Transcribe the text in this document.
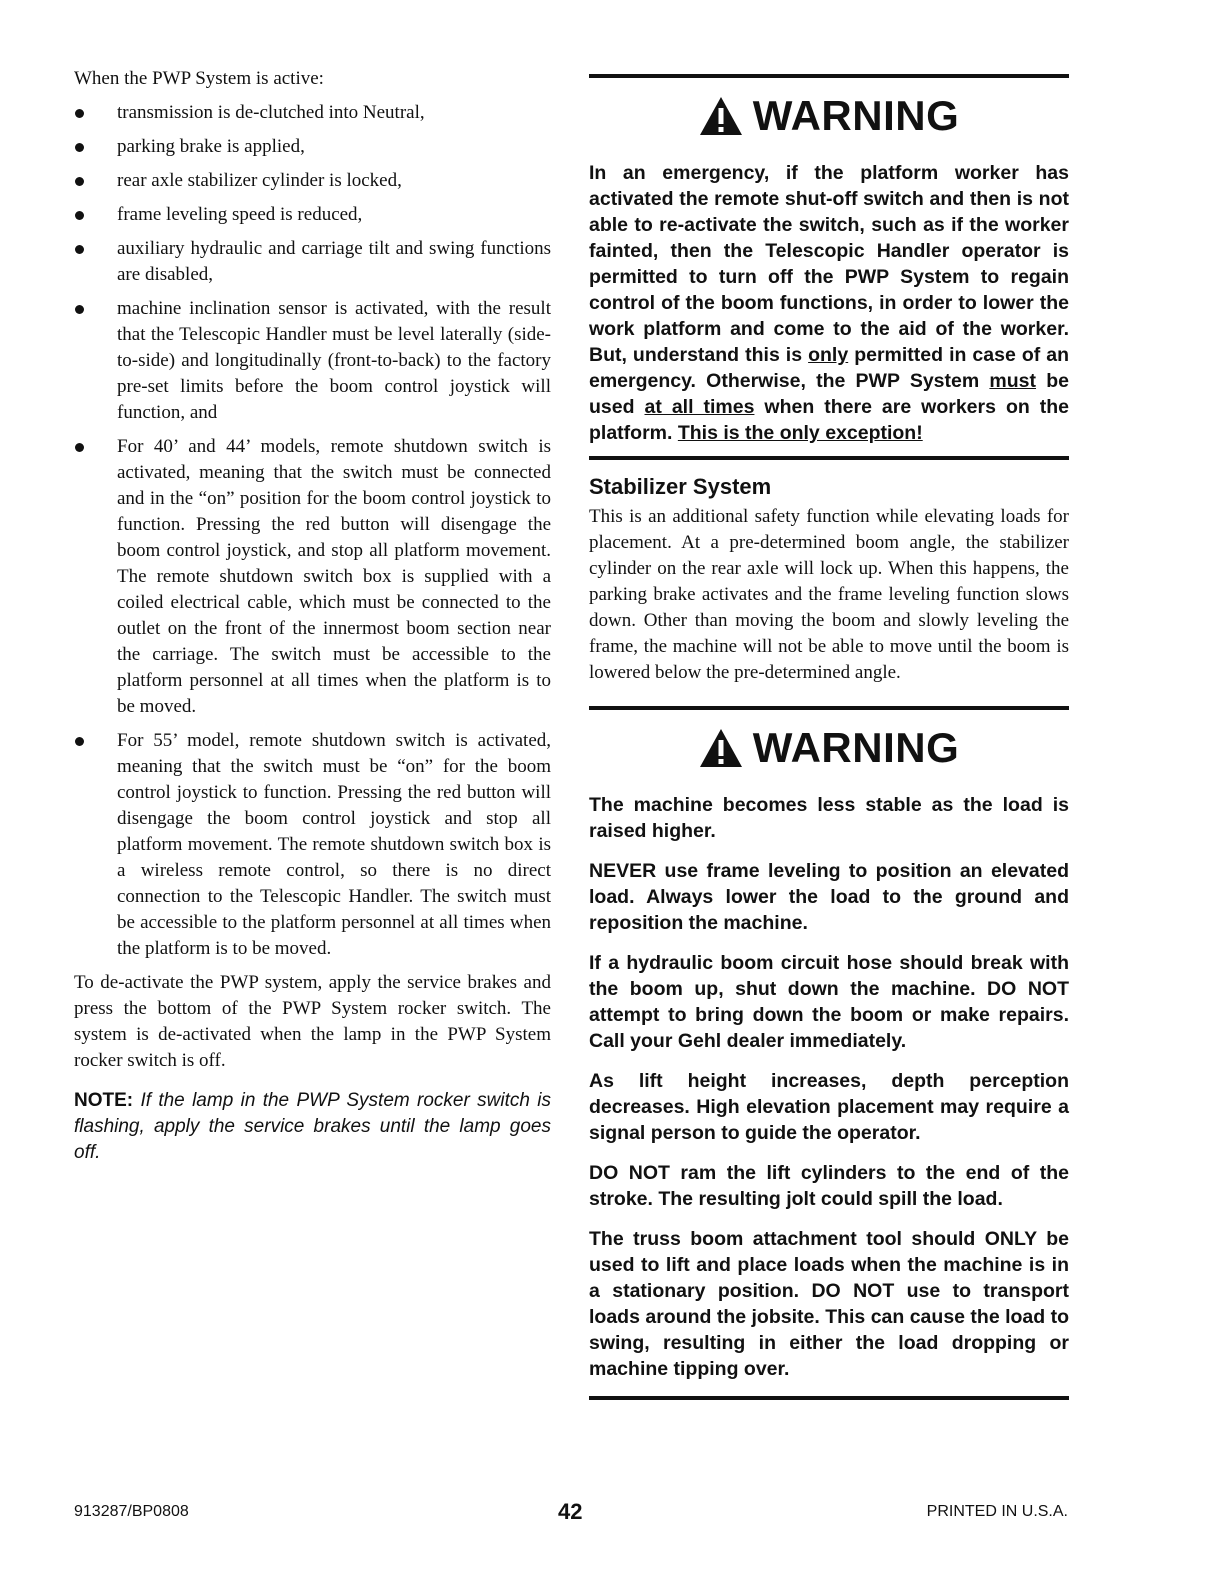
When the PWP System is active:

transmission is de-clutched into Neutral,
parking brake is applied,
rear axle stabilizer cylinder is locked,
frame leveling speed is reduced,
auxiliary hydraulic and carriage tilt and swing functions are disabled,
machine inclination sensor is activated, with the result that the Telescopic Handler must be level laterally (side-to-side) and longitudinally (front-to-back) to the factory pre-set limits before the boom control joystick will function, and
For 40’ and 44’ models, remote shutdown switch is activated, meaning that the switch must be connected and in the “on” position for the boom control joystick to function. Pressing the red button will disengage the boom control joystick, and stop all platform movement. The remote shutdown switch box is supplied with a coiled electrical cable, which must be connected to the outlet on the front of the innermost boom section near the carriage. The switch must be accessible to the platform personnel at all times when the platform is to be moved.
For 55’ model, remote shutdown switch is activated, meaning that the switch must be “on” for the boom control joystick to function. Pressing the red button will disengage the boom control joystick and stop all platform movement. The remote shutdown switch box is a wireless remote control, so there is no direct connection to the Telescopic Handler. The switch must be accessible to the platform personnel at all times when the platform is to be moved.

To de-activate the PWP system, apply the service brakes and press the bottom of the PWP System rocker switch. The system is de-activated when the lamp in the PWP System rocker switch is off.

NOTE: If the lamp in the PWP System rocker switch is flashing, apply the service brakes until the lamp goes off.

WARNING

In an emergency, if the platform worker has activated the remote shut-off switch and then is not able to re-activate the switch, such as if the worker fainted, then the Telescopic Handler operator is permitted to turn off the PWP System to regain control of the boom functions, in order to lower the work platform and come to the aid of the worker. But, understand this is only permitted in case of an emergency. Otherwise, the PWP System must be used at all times when there are workers on the platform. This is the only exception!

Stabilizer System

This is an additional safety function while elevating loads for placement. At a pre-determined boom angle, the stabilizer cylinder on the rear axle will lock up. When this happens, the parking brake activates and the frame leveling function slows down. Other than moving the boom and slowly leveling the frame, the machine will not be able to move until the boom is lowered below the pre-determined angle.

WARNING

The machine becomes less stable as the load is raised higher.

NEVER use frame leveling to position an elevated load. Always lower the load to the ground and reposition the machine.

If a hydraulic boom circuit hose should break with the boom up, shut down the machine. DO NOT attempt to bring down the boom or make repairs. Call your Gehl dealer immediately.

As lift height increases, depth perception decreases. High elevation placement may require a signal person to guide the operator.

DO NOT ram the lift cylinders to the end of the stroke. The resulting jolt could spill the load.

The truss boom attachment tool should ONLY be used to lift and place loads when the machine is in a stationary position. DO NOT use to transport loads around the jobsite. This can cause the load to swing, resulting in either the load dropping or machine tipping over.

913287/BP0808	42	PRINTED IN U.S.A.
